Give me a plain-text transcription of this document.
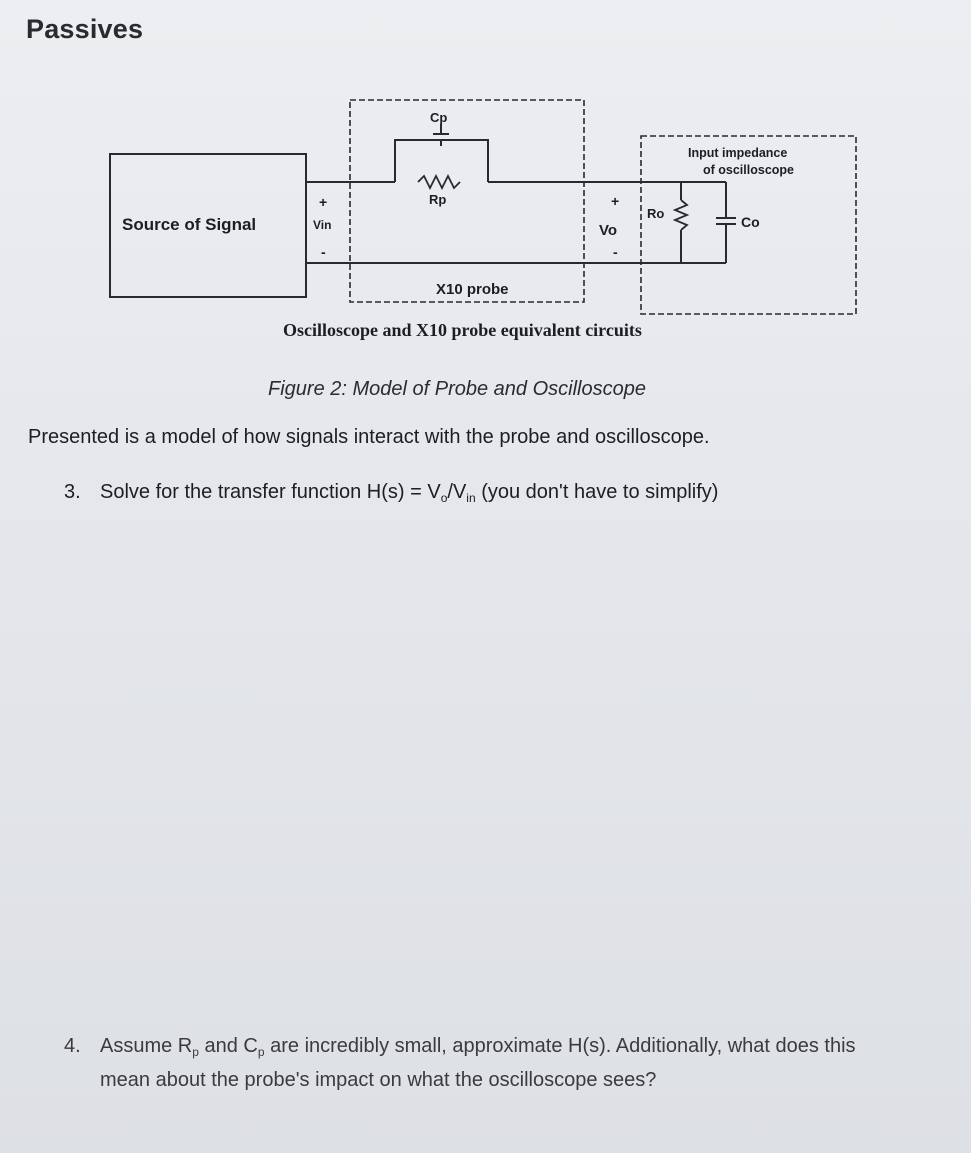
Passives
Source of Signal	Vin
+
-
Cp
Rp
X10 probe
Vo
+
-
Ro
Co
Input impedance
of oscilloscope
Oscilloscope and X10 probe equivalent circuits
Figure 2: Model of Probe and Oscilloscope
Presented is a model of how signals interact with the probe and oscilloscope.
3. Solve for the transfer function $H(s) = V_o/V_{in}$ (you don't have to simplify)
4. Assume $R_p$ and $C_p$ are incredibly small, approximate H(s). Additionally, what does this mean about the probe's impact on what the oscilloscope sees?
